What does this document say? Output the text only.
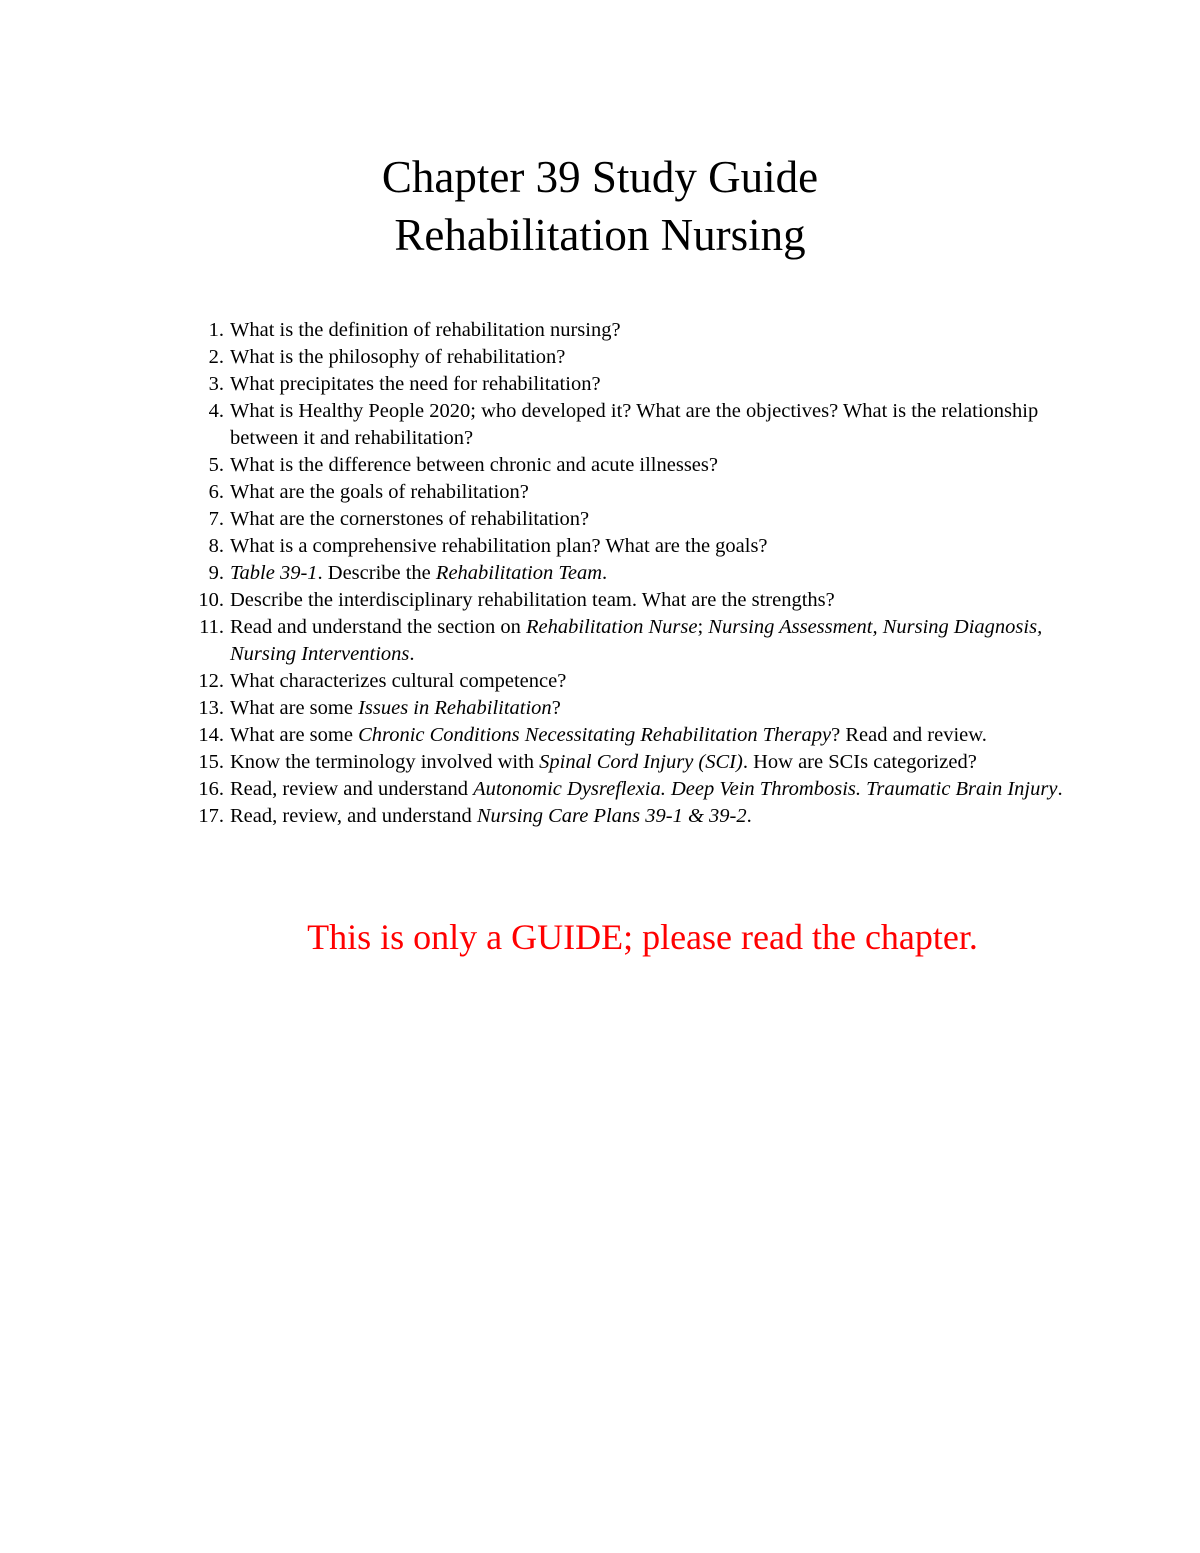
Chapter 39 Study Guide

Rehabilitation Nursing

1. What is the definition of rehabilitation nursing?
2. What is the philosophy of rehabilitation?
3. What precipitates the need for rehabilitation?
4. What is Healthy People 2020; who developed it? What are the objectives? What is the relationship between it and rehabilitation?
5. What is the difference between chronic and acute illnesses?
6. What are the goals of rehabilitation?
7. What are the cornerstones of rehabilitation?
8. What is a comprehensive rehabilitation plan? What are the goals?
9. Table 39-1. Describe the Rehabilitation Team.
10. Describe the interdisciplinary rehabilitation team. What are the strengths?
11. Read and understand the section on Rehabilitation Nurse; Nursing Assessment, Nursing Diagnosis, Nursing Interventions.
12. What characterizes cultural competence?
13. What are some Issues in Rehabilitation?
14. What are some Chronic Conditions Necessitating Rehabilitation Therapy? Read and review.
15. Know the terminology involved with Spinal Cord Injury (SCI). How are SCIs categorized?
16. Read, review and understand Autonomic Dysreflexia. Deep Vein Thrombosis. Traumatic Brain Injury.
17. Read, review, and understand Nursing Care Plans 39-1 & 39-2.

This is only a GUIDE; please read the chapter.
